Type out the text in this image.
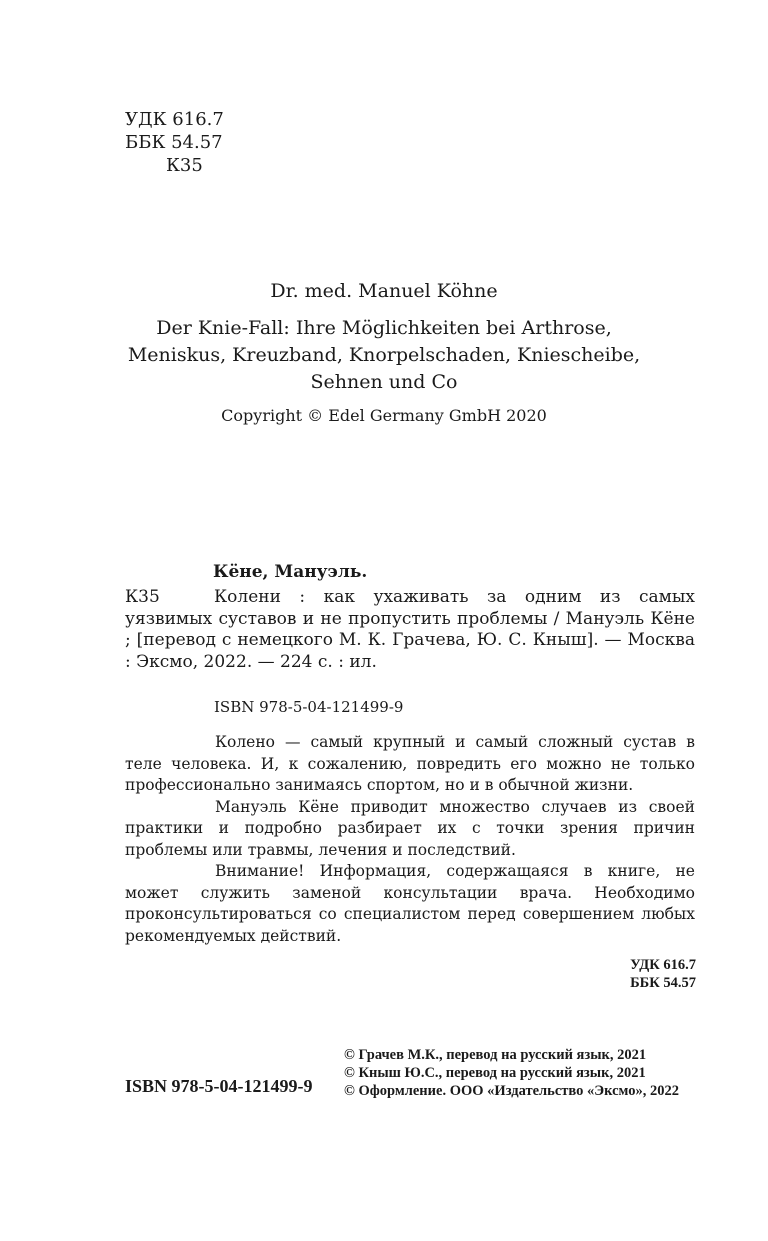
УДК 616.7
ББК 54.57
К35
Dr. med. Manuel Köhne
Der Knie-Fall: Ihre Möglichkeiten bei Arthrose,
Meniskus, Kreuzband, Knorpelschaden, Kniescheibe,
Sehnen und Co
Copyright © Edel Germany GmbH 2020
Кёне, Мануэль.
К35	Колени : как ухаживать за одним из самых уязвимых суставов и не пропустить проблемы / Мануэль Кёне ; [перевод с немецкого М. К. Грачева, Ю. С. Кныш]. — Москва : Эксмо, 2022. — 224 с. : ил.
ISBN 978-5-04-121499-9

Колено — самый крупный и самый сложный сустав в теле человека. И, к сожалению, повредить его можно не только профессионально занимаясь спортом, но и в обычной жизни.

Мануэль Кёне приводит множество случаев из своей практики и подробно разбирает их с точки зрения причин проблемы или травмы, лечения и последствий.

Внимание! Информация, содержащаяся в книге, не может служить заменой консультации врача. Необходимо проконсультироваться со специалистом перед совершением любых рекомендуемых действий.

УДК 616.7
ББК 54.57
ISBN 978-5-04-121499-9
© Грачев М.К., перевод на русский язык, 2021
© Кныш Ю.С., перевод на русский язык, 2021
© Оформление. ООО «Издательство «Эксмо», 2022
